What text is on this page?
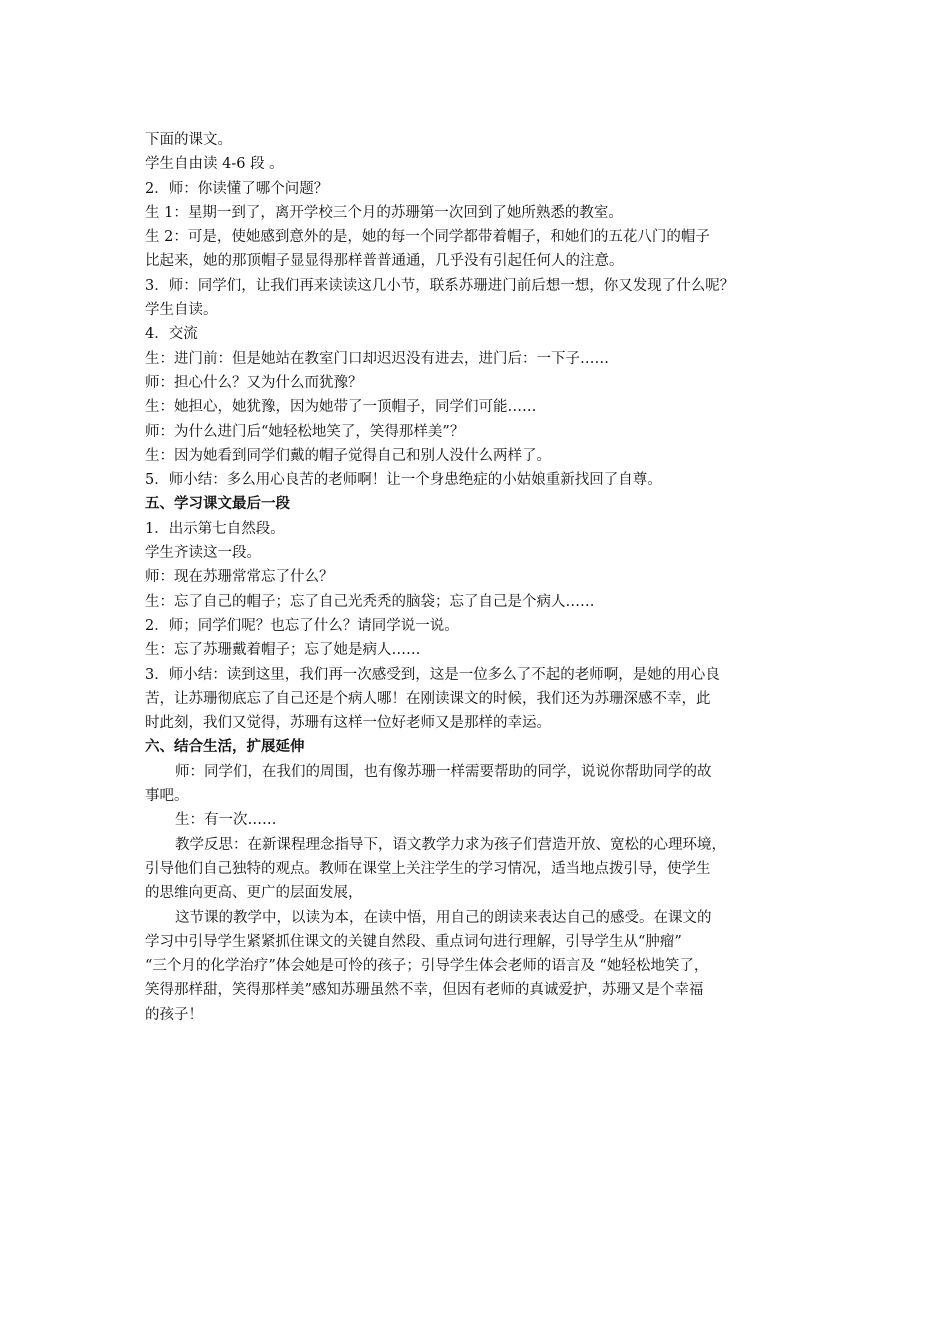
下面的课文。
学生自由读 4-6 段 。
2．师：你读懂了哪个问题？
生 1：星期一到了，离开学校三个月的苏珊第一次回到了她所熟悉的教室。
生 2：可是，使她感到意外的是，她的每一个同学都带着帽子，和她们的五花八门的帽子
比起来，她的那顶帽子显显得那样普普通通，几乎没有引起任何人的注意。
3．师：同学们，让我们再来读读这几小节，联系苏珊进门前后想一想，你又发现了什么呢？
学生自读。
4．交流
生：进门前：但是她站在教室门口却迟迟没有进去，进门后：一下子……
师：担心什么？又为什么而犹豫？
生：她担心，她犹豫，因为她带了一顶帽子，同学们可能……
师：为什么进门后“她轻松地笑了，笑得那样美”？
生：因为她看到同学们戴的帽子觉得自己和别人没什么两样了。
5．师小结：多么用心良苦的老师啊！让一个身患绝症的小姑娘重新找回了自尊。
五、学习课文最后一段
1．出示第七自然段。
学生齐读这一段。
师：现在苏珊常常忘了什么？
生：忘了自己的帽子；忘了自己光秃秃的脑袋；忘了自己是个病人……
2．师；同学们呢？也忘了什么？请同学说一说。
生：忘了苏珊戴着帽子；忘了她是病人……
3．师小结：读到这里，我们再一次感受到，这是一位多么了不起的老师啊，是她的用心良
苦，让苏珊彻底忘了自己还是个病人哪！在刚读课文的时候，我们还为苏珊深感不幸，此
时此刻，我们又觉得，苏珊有这样一位好老师又是那样的幸运。
六、结合生活，扩展延伸
师：同学们，在我们的周围，也有像苏珊一样需要帮助的同学，说说你帮助同学的故
事吧。
生：有一次……
教学反思：在新课程理念指导下，语文教学力求为孩子们营造开放、宽松的心理环境，
引导他们自己独特的观点。教师在课堂上关注学生的学习情况，适当地点拨引导，使学生
的思维向更高、更广的层面发展，
这节课的教学中，以读为本，在读中悟，用自己的朗读来表达自己的感受。在课文的
学习中引导学生紧紧抓住课文的关键自然段、重点词句进行理解，引导学生从“肿瘤”
“三个月的化学治疗”体会她是可怜的孩子；引导学生体会老师的语言及 “她轻松地笑了，
笑得那样甜，笑得那样美”感知苏珊虽然不幸，但因有老师的真诚爱护，苏珊又是个幸福
的孩子！
